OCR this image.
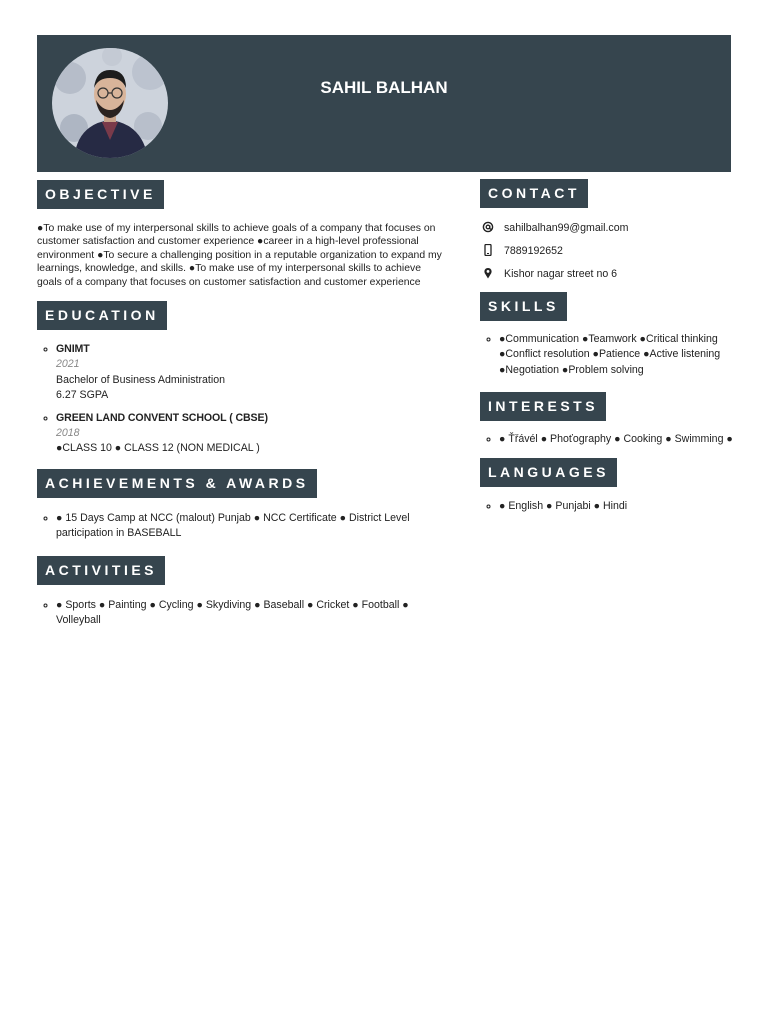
SAHIL BALHAN
OBJECTIVE
●To make use of my interpersonal skills to achieve goals of a company that focuses on customer satisfaction and customer experience ●career in a high-level professional environment ●To secure a challenging position in a reputable organization to expand my learnings, knowledge, and skills. ●To make use of my interpersonal skills to achieve goals of a company that focuses on customer satisfaction and customer experience
EDUCATION
◦ GNIMT
2021
Bachelor of Business Administration
6.27 SGPA
◦ GREEN LAND CONVENT SCHOOL ( CBSE)
2018
●CLASS 10 ● CLASS 12 (NON MEDICAL )
ACHIEVEMENTS & AWARDS
◦ ● 15 Days Camp at NCC (malout) Punjab ● NCC Certificate ● District Level participation in BASEBALL
ACTIVITIES
◦ ● Sports ● Painting ● Cycling ● Skydiving ● Baseball ● Cricket ● Football ● Volleyball
CONTACT
sahilbalhan99@gmail.com
7889192652
Kishor nagar street no 6
SKILLS
◦ ●Communication ●Teamwork ●Critical thinking ●Conflict resolution ●Patience ●Active listening ●Negotiation ●Problem solving
INTERESTS
◦ ● Ťřávél ● Phoťography ● Cooking ● Swimming ●
LANGUAGES
◦ ● English ● Punjabi ● Hindi
